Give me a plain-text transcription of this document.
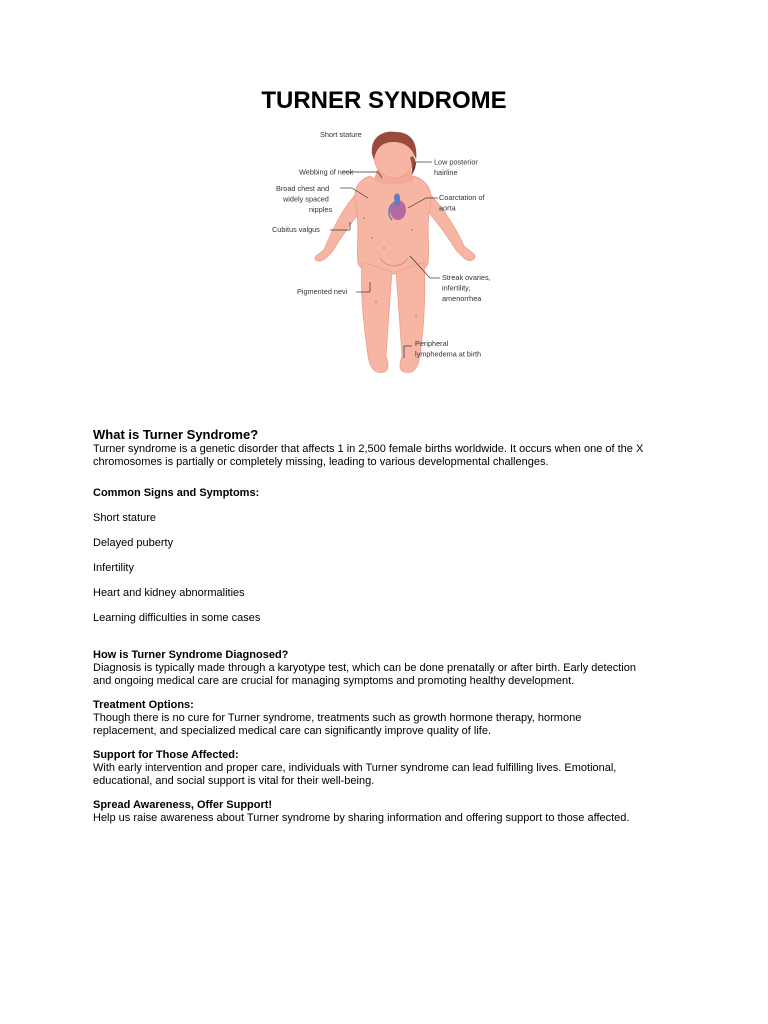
TURNER SYNDROME
Short stature
Webbing of neck
Broad chest and
widely spaced
nipples
Cubitus valgus
Pigmented nevi
Low posterior
hairline
Coarctation of
aorta
Streak ovaries,
infertility,
amenorrhea
Peripheral
lymphedema at birth

What is Turner Syndrome?

Turner syndrome is a genetic disorder that affects 1 in 2,500 female births worldwide. It occurs when one of the X

chromosomes is partially or completely missing, leading to various developmental challenges.

Common Signs and Symptoms:

Short stature

Delayed puberty

Infertility

Heart and kidney abnormalities

Learning difficulties in some cases

How is Turner Syndrome Diagnosed?

Diagnosis is typically made through a karyotype test, which can be done prenatally or after birth. Early detection

and ongoing medical care are crucial for managing symptoms and promoting healthy development.

Treatment Options:

Though there is no cure for Turner syndrome, treatments such as growth hormone therapy, hormone

replacement, and specialized medical care can significantly improve quality of life.

Support for Those Affected:

With early intervention and proper care, individuals with Turner syndrome can lead fulfilling lives. Emotional,

educational, and social support is vital for their well-being.

Spread Awareness, Offer Support!

Help us raise awareness about Turner syndrome by sharing information and offering support to those affected.
